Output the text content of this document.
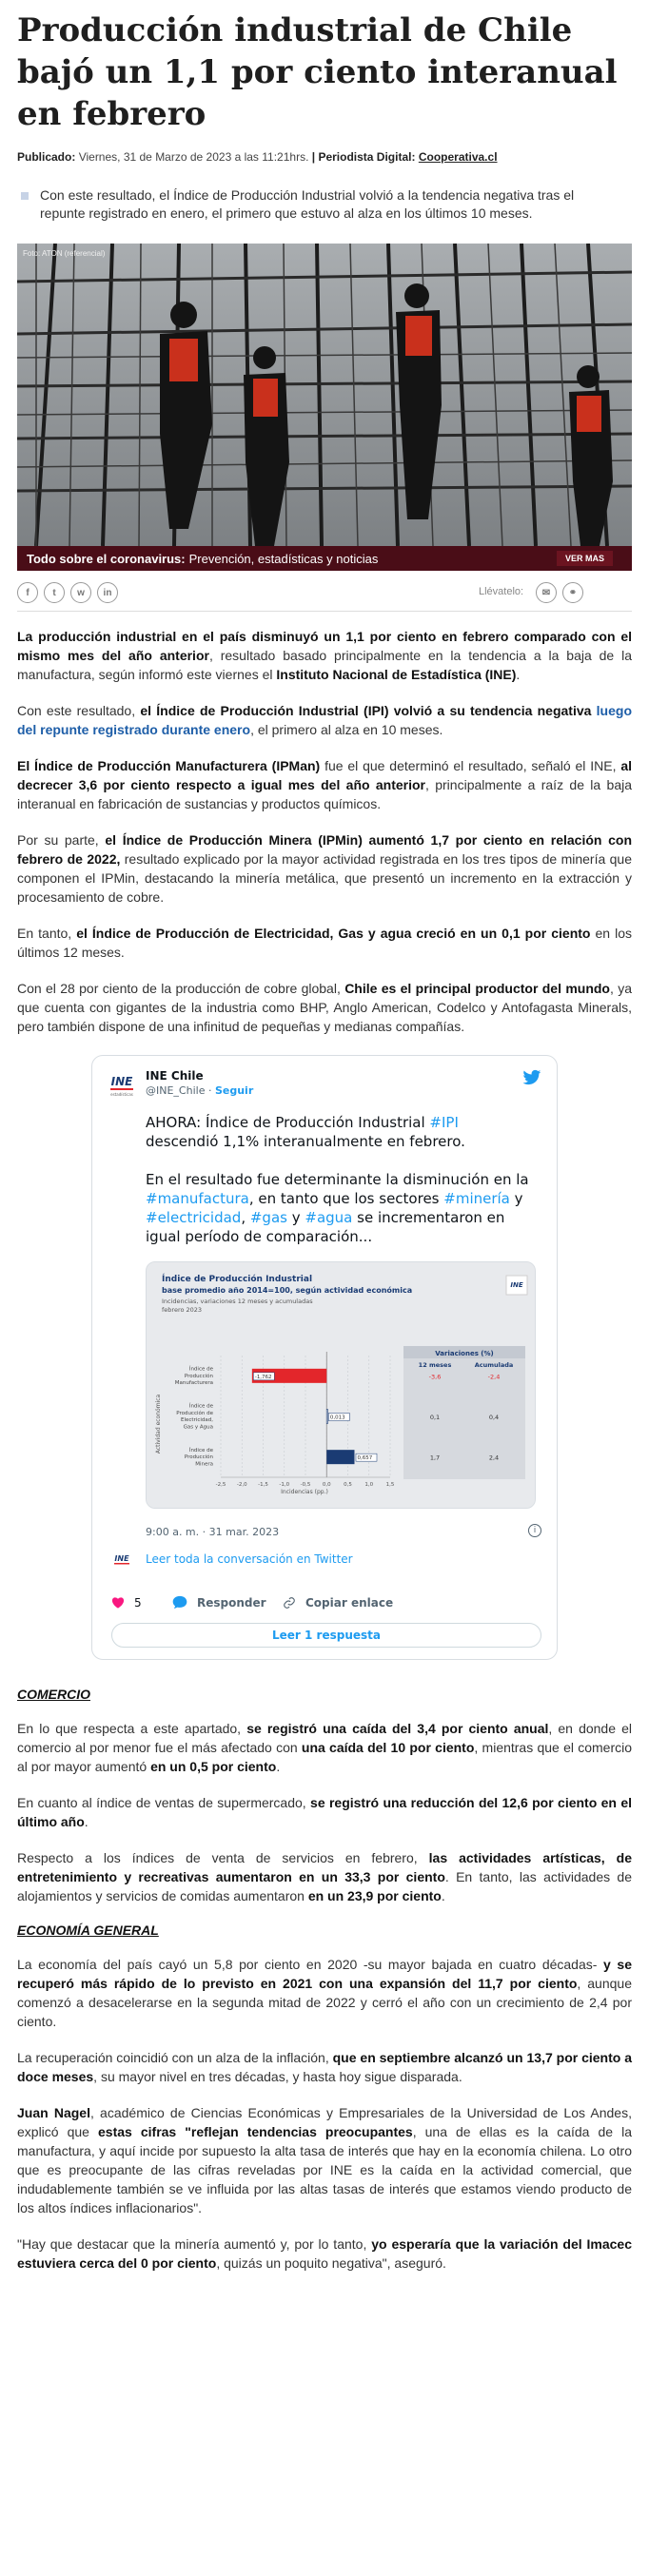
Producción industrial de Chile bajó un 1,1 por ciento interanual en febrero
Publicado: Viernes, 31 de Marzo de 2023 a las 11:21hrs. | Periodista Digital: Cooperativa.cl
Con este resultado, el Índice de Producción Industrial volvió a la tendencia negativa tras el repunte registrado en enero, el primero que estuvo al alza en los últimos 10 meses.
Foto: ATON (referencial)
Todo sobre el coronavirus: Prevención, estadísticas y noticias	VER MAS
f	t	w	in	Llévatelo:	✉	⚭

La producción industrial en el país disminuyó un 1,1 por ciento en febrero comparado con el mismo mes del año anterior, resultado basado principalmente en la tendencia a la baja de la manufactura, según informó este viernes el Instituto Nacional de Estadística (INE).

Con este resultado, el Índice de Producción Industrial (IPI) volvió a su tendencia negativa luego del repunte registrado durante enero, el primero al alza en 10 meses.

El Índice de Producción Manufacturera (IPMan) fue el que determinó el resultado, señaló el INE, al decrecer 3,6 por ciento respecto a igual mes del año anterior, principalmente a raíz de la baja interanual en fabricación de sustancias y productos químicos.

Por su parte, el Índice de Producción Minera (IPMin) aumentó 1,7 por ciento en relación con febrero de 2022, resultado explicado por la mayor actividad registrada en los tres tipos de minería que componen el IPMin, destacando la minería metálica, que presentó un incremento en la extracción y procesamiento de cobre.

En tanto, el Índice de Producción de Electricidad, Gas y agua creció en un 0,1 por ciento en los últimos 12 meses.

Con el 28 por ciento de la producción de cobre global, Chile es el principal productor del mundo, ya que cuenta con gigantes de la industria como BHP, Anglo American, Codelco y Antofagasta Minerals, pero también dispone de una infinitud de pequeñas y medianas compañías.

INE
estadísticas
INE Chile
@INE_Chile · Seguir
AHORA: Índice de Producción Industrial #IPI descendió 1,1% interanualmente en febrero.

En el resultado fue determinante la disminución en la #manufactura, en tanto que los sectores #minería y #electricidad, #gas y #agua se incrementaron en igual período de comparación...
Índice de Producción Industrial
base promedio año 2014=100, según actividad económica
Incidencias, variaciones 12 meses y acumuladas
febrero 2023
INE
Actividad económica
Índice de
Producción
Manufacturera
Índice de
Producción de
Electricidad,
Gas y Agua
Índice de
Producción
Minera
-1,762
0,013
0,657
-2,5 -2,0 -1,5 -1,0 -0,5 0,0 0,5 1,0 1,5
Incidencias (pp.)
Variaciones (%)
12 meses	Acumulada
-3,6	-2,4
0,1	0,4
1,7	2,4
9:00 a. m. · 31 mar. 2023	i
INE Leer toda la conversación en Twitter
5	Responder	Copiar enlace
Leer 1 respuesta
COMERCIO

En lo que respecta a este apartado, se registró una caída del 3,4 por ciento anual, en donde el comercio al por menor fue el más afectado con una caída del 10 por ciento, mientras que el comercio al por mayor aumentó en un 0,5 por ciento.

En cuanto al índice de ventas de supermercado, se registró una reducción del 12,6 por ciento en el último año.

Respecto a los índices de venta de servicios en febrero, las actividades artísticas, de entretenimiento y recreativas aumentaron en un 33,3 por ciento. En tanto, las actividades de alojamientos y servicios de comidas aumentaron en un 23,9 por ciento.

ECONOMÍA GENERAL

La economía del país cayó un 5,8 por ciento en 2020 -su mayor bajada en cuatro décadas- y se recuperó más rápido de lo previsto en 2021 con una expansión del 11,7 por ciento, aunque comenzó a desacelerarse en la segunda mitad de 2022 y cerró el año con un crecimiento de 2,4 por ciento.

La recuperación coincidió con un alza de la inflación, que en septiembre alcanzó un 13,7 por ciento a doce meses, su mayor nivel en tres décadas, y hasta hoy sigue disparada.

Juan Nagel, académico de Ciencias Económicas y Empresariales de la Universidad de Los Andes, explicó que estas cifras "reflejan tendencias preocupantes, una de ellas es la caída de la manufactura, y aquí incide por supuesto la alta tasa de interés que hay en la economía chilena. Lo otro que es preocupante de las cifras reveladas por INE es la caída en la actividad comercial, que indudablemente también se ve influida por las altas tasas de interés que estamos viendo producto de los altos índices inflacionarios".

"Hay que destacar que la minería aumentó y, por lo tanto, yo esperaría que la variación del Imacec estuviera cerca del 0 por ciento, quizás un poquito negativa", aseguró.
